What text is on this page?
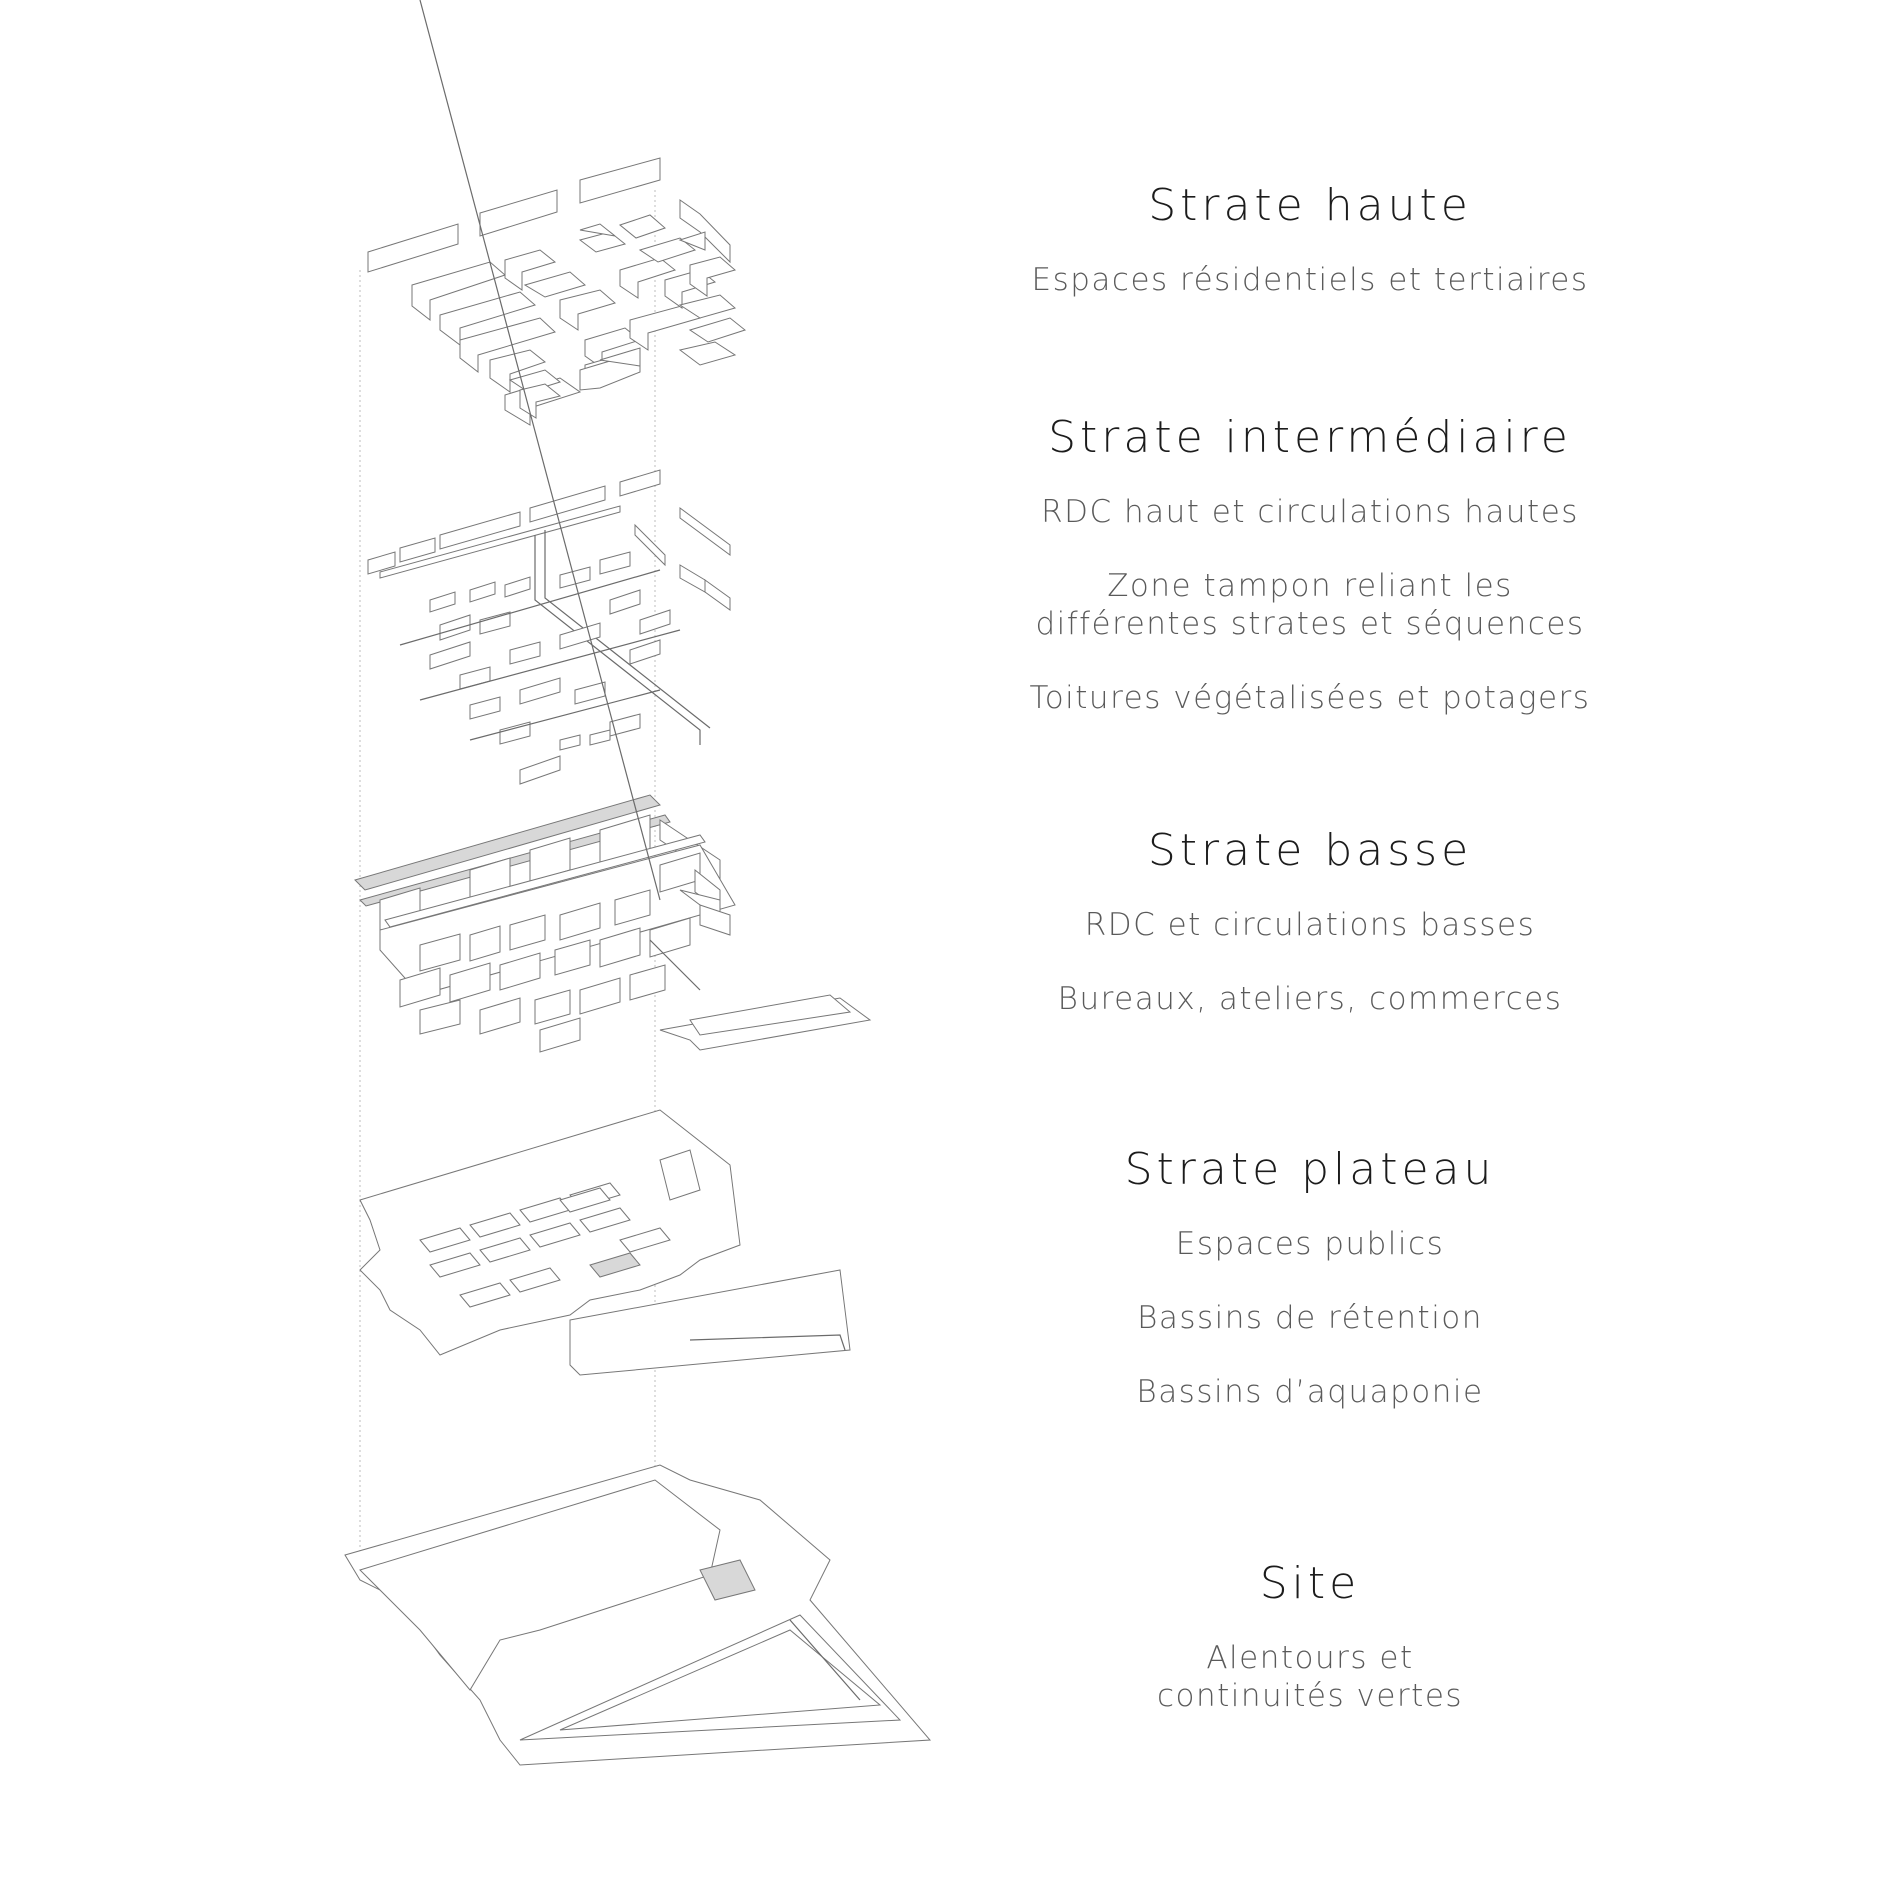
Strate haute

Espaces résidentiels et tertiaires

Strate intermédiaire

RDC haut et circulations hautes

Zone tampon reliant les
différentes strates et séquences

Toitures végétalisées et potagers

Strate basse

RDC et circulations basses

Bureaux, ateliers, commerces

Strate plateau

Espaces publics

Bassins de rétention

Bassins d’aquaponie

Site

Alentours et
continuités vertes
